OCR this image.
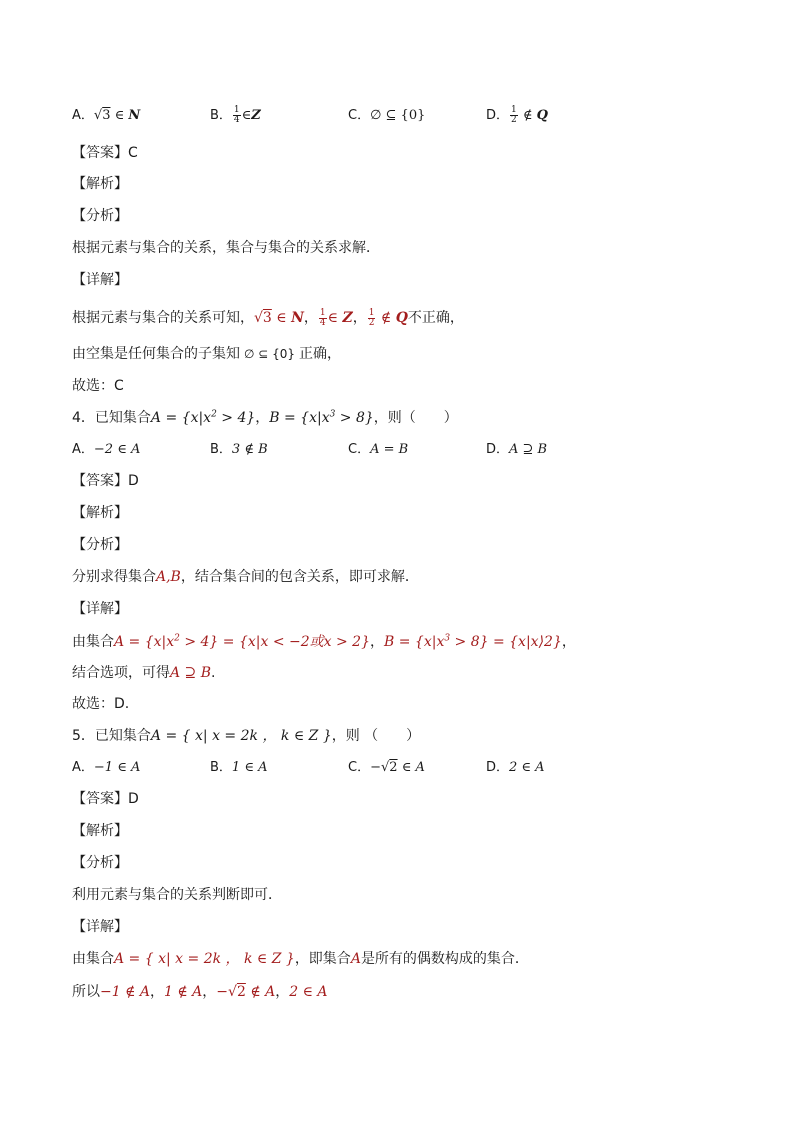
A．√3 ∈ N	B． $\frac{1}{4}$ ∈Z	C．∅ ⊆ {0}	D． $\frac{1}{2}$ ∉ Q
【答案】C
【解析】
【分析】
根据元素与集合的关系，集合与集合的关系求解．
【详解】
根据元素与集合的关系可知，√3 ∈ N， $\frac{1}{4}$ ∈ Z， $\frac{1}{2}$ ∉ Q不正确，
由空集是任何集合的子集知 ∅ ⊆ {0} 正确，
故选：C
4．已知集合$A = \{x|x^2 > 4\}$，$B = \{x|x^3 > 8\}$，则（　　）
A．−2 ∈ A	B．3 ∉ B	C．A = B	D．A ⊇ B
【答案】D
【解析】
【分析】
分别求得集合A,B，结合集合间的包含关系，即可求解．
【详解】
由集合$A = \{x|x^2 > 4\} = \{x|x < -2$或x > 2}，$B = \{x|x^3 > 8\}$ = {x|x⟩2}，
结合选项，可得A ⊇ B.
故选：D.
5．已知集合A = { x| x = 2k ， k ∈ Z }，则 （　　）
A．−1 ∈ A	B．1 ∈ A	C．−√2 ∈ A	D．2 ∈ A
【答案】D
【解析】
【分析】
利用元素与集合的关系判断即可．
【详解】
由集合A = { x| x = 2k ， k ∈ Z }，即集合A是所有的偶数构成的集合．
所以−1 ∉ A，1 ∉ A，−√2 ∉ A，2 ∈ A
